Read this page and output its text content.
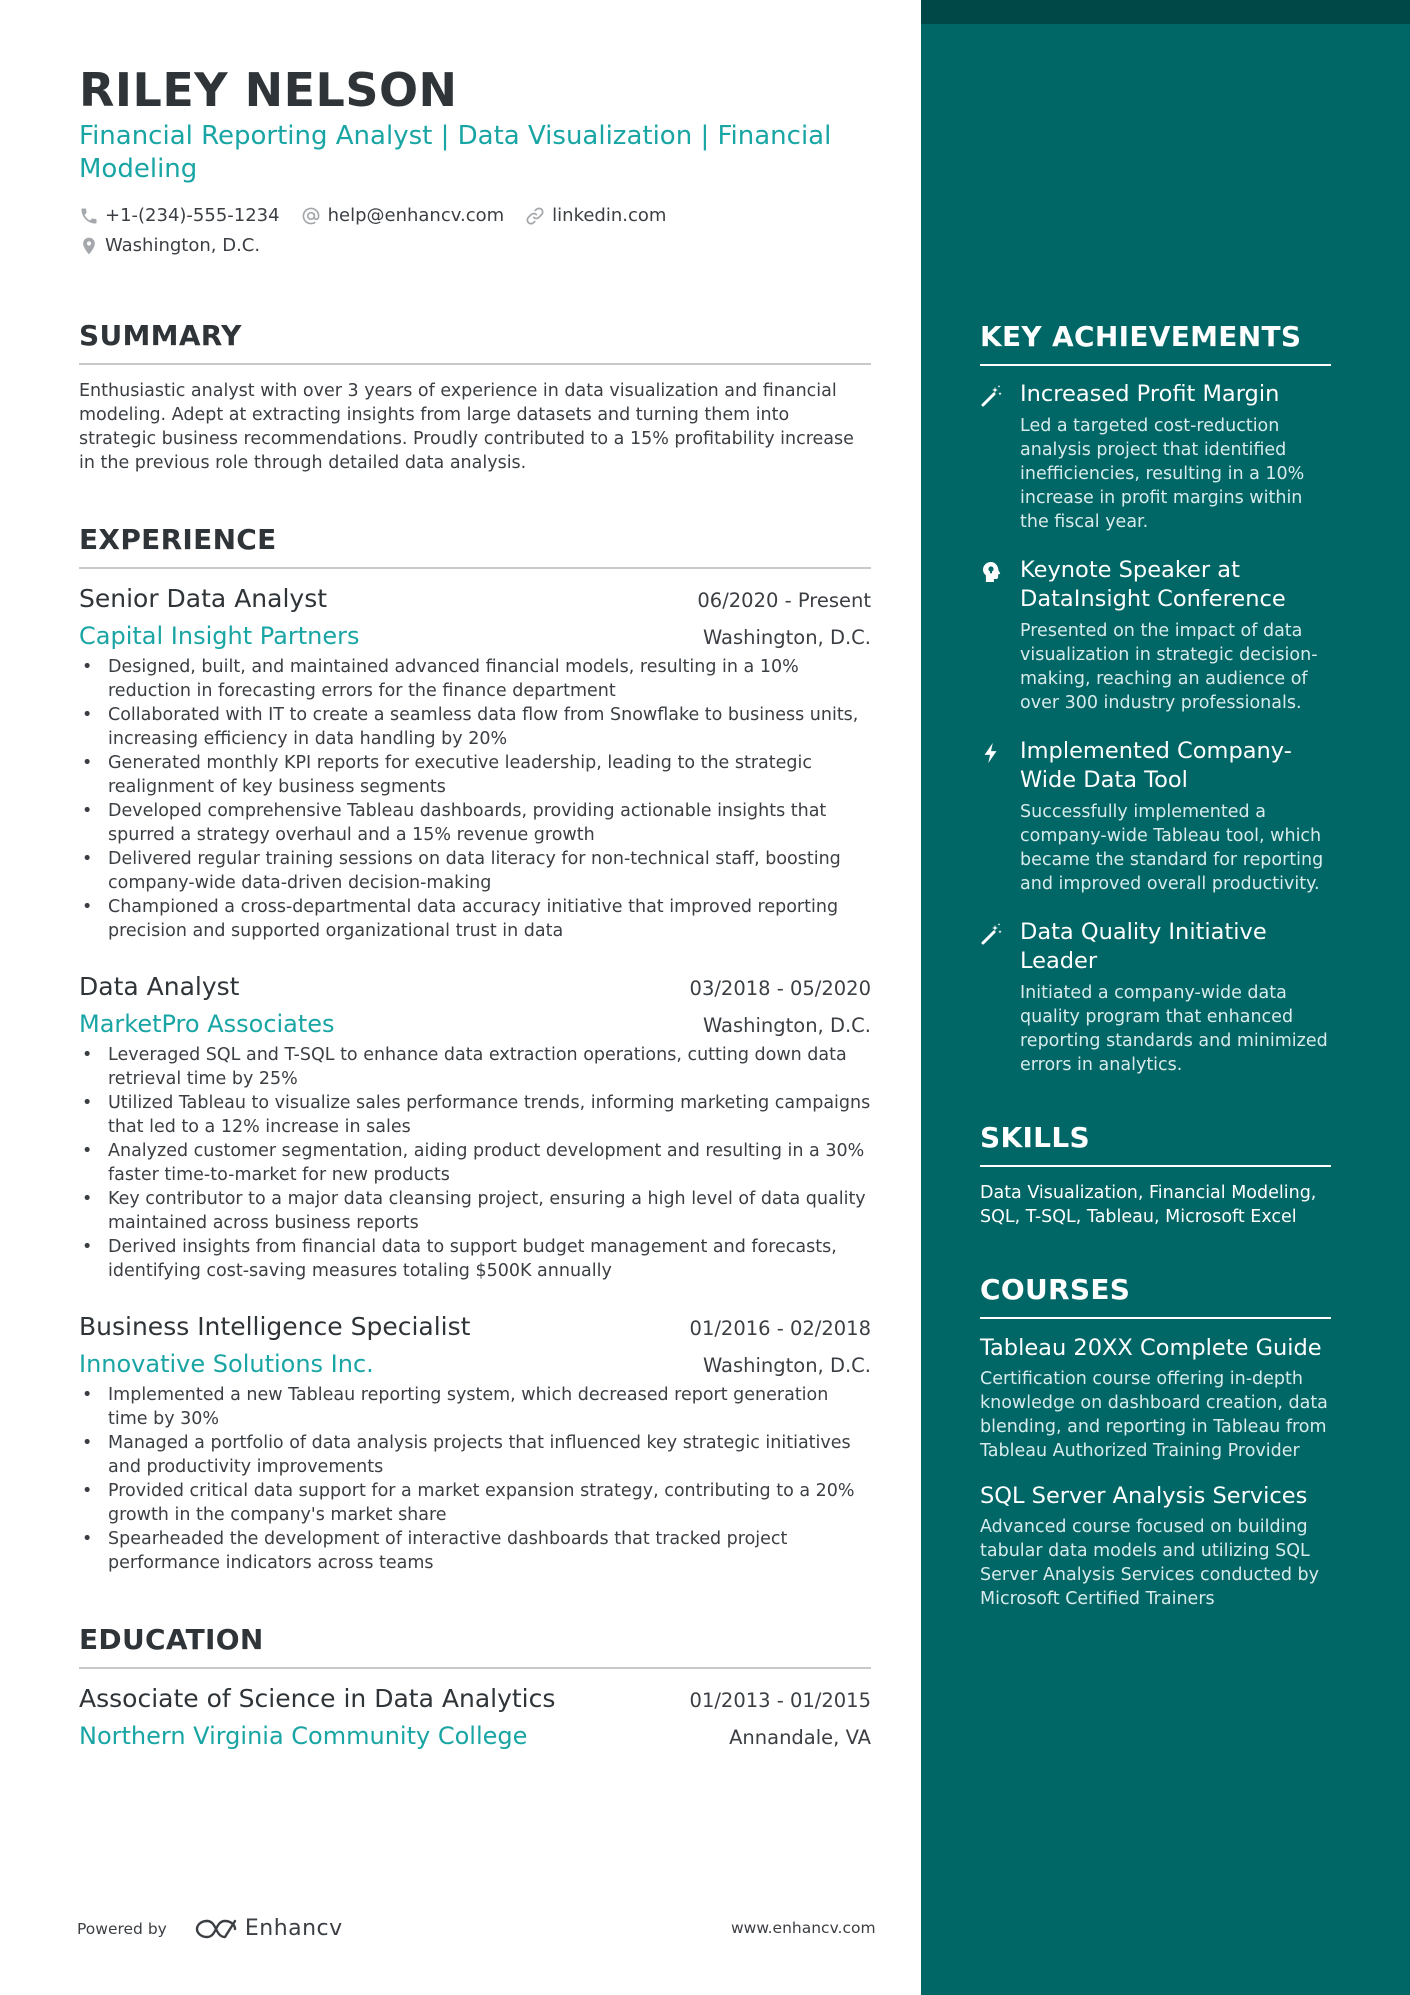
RILEY NELSON
Financial Reporting Analyst | Data Visualization | Financial Modeling
+1-(234)-555-1234	help@enhancv.com	linkedin.com
Washington, D.C.
SUMMARY

Enthusiastic analyst with over 3 years of experience in data visualization and financial modeling. Adept at extracting insights from large datasets and turning them into strategic business recommendations. Proudly contributed to a 15% profitability increase in the previous role through detailed data analysis.

EXPERIENCE
Senior Data Analyst	06/2020 - Present
Capital Insight Partners	Washington, D.C.
• Designed, built, and maintained advanced financial models, resulting in a 10% reduction in forecasting errors for the finance department
• Collaborated with IT to create a seamless data flow from Snowflake to business units, increasing efficiency in data handling by 20%
• Generated monthly KPI reports for executive leadership, leading to the strategic realignment of key business segments
• Developed comprehensive Tableau dashboards, providing actionable insights that spurred a strategy overhaul and a 15% revenue growth
• Delivered regular training sessions on data literacy for non-technical staff, boosting company-wide data-driven decision-making
• Championed a cross-departmental data accuracy initiative that improved reporting precision and supported organizational trust in data
Data Analyst	03/2018 - 05/2020
MarketPro Associates	Washington, D.C.
• Leveraged SQL and T-SQL to enhance data extraction operations, cutting down data retrieval time by 25%
• Utilized Tableau to visualize sales performance trends, informing marketing campaigns that led to a 12% increase in sales
• Analyzed customer segmentation, aiding product development and resulting in a 30% faster time-to-market for new products
• Key contributor to a major data cleansing project, ensuring a high level of data quality maintained across business reports
• Derived insights from financial data to support budget management and forecasts, identifying cost-saving measures totaling $500K annually
Business Intelligence Specialist	01/2016 - 02/2018
Innovative Solutions Inc.	Washington, D.C.
• Implemented a new Tableau reporting system, which decreased report generation time by 30%
• Managed a portfolio of data analysis projects that influenced key strategic initiatives and productivity improvements
• Provided critical data support for a market expansion strategy, contributing to a 20% growth in the company's market share
• Spearheaded the development of interactive dashboards that tracked project performance indicators across teams
EDUCATION
Associate of Science in Data Analytics	01/2013 - 01/2015
Northern Virginia Community College	Annandale, VA
KEY ACHIEVEMENTS
Increased Profit Margin
Led a targeted cost-reduction analysis project that identified inefficiencies, resulting in a 10% increase in profit margins within the fiscal year.
Keynote Speaker at DataInsight Conference
Presented on the impact of data visualization in strategic decision-making, reaching an audience of over 300 industry professionals.
Implemented Company-Wide Data Tool
Successfully implemented a company-wide Tableau tool, which became the standard for reporting and improved overall productivity.
Data Quality Initiative Leader
Initiated a company-wide data quality program that enhanced reporting standards and minimized errors in analytics.
SKILLS

Data Visualization, Financial Modeling, SQL, T-SQL, Tableau, Microsoft Excel

COURSES
Tableau 20XX Complete Guide
Certification course offering in-depth knowledge on dashboard creation, data blending, and reporting in Tableau from Tableau Authorized Training Provider
SQL Server Analysis Services
Advanced course focused on building tabular data models and utilizing SQL Server Analysis Services conducted by Microsoft Certified Trainers
Powered by	Enhancv	www.enhancv.com
